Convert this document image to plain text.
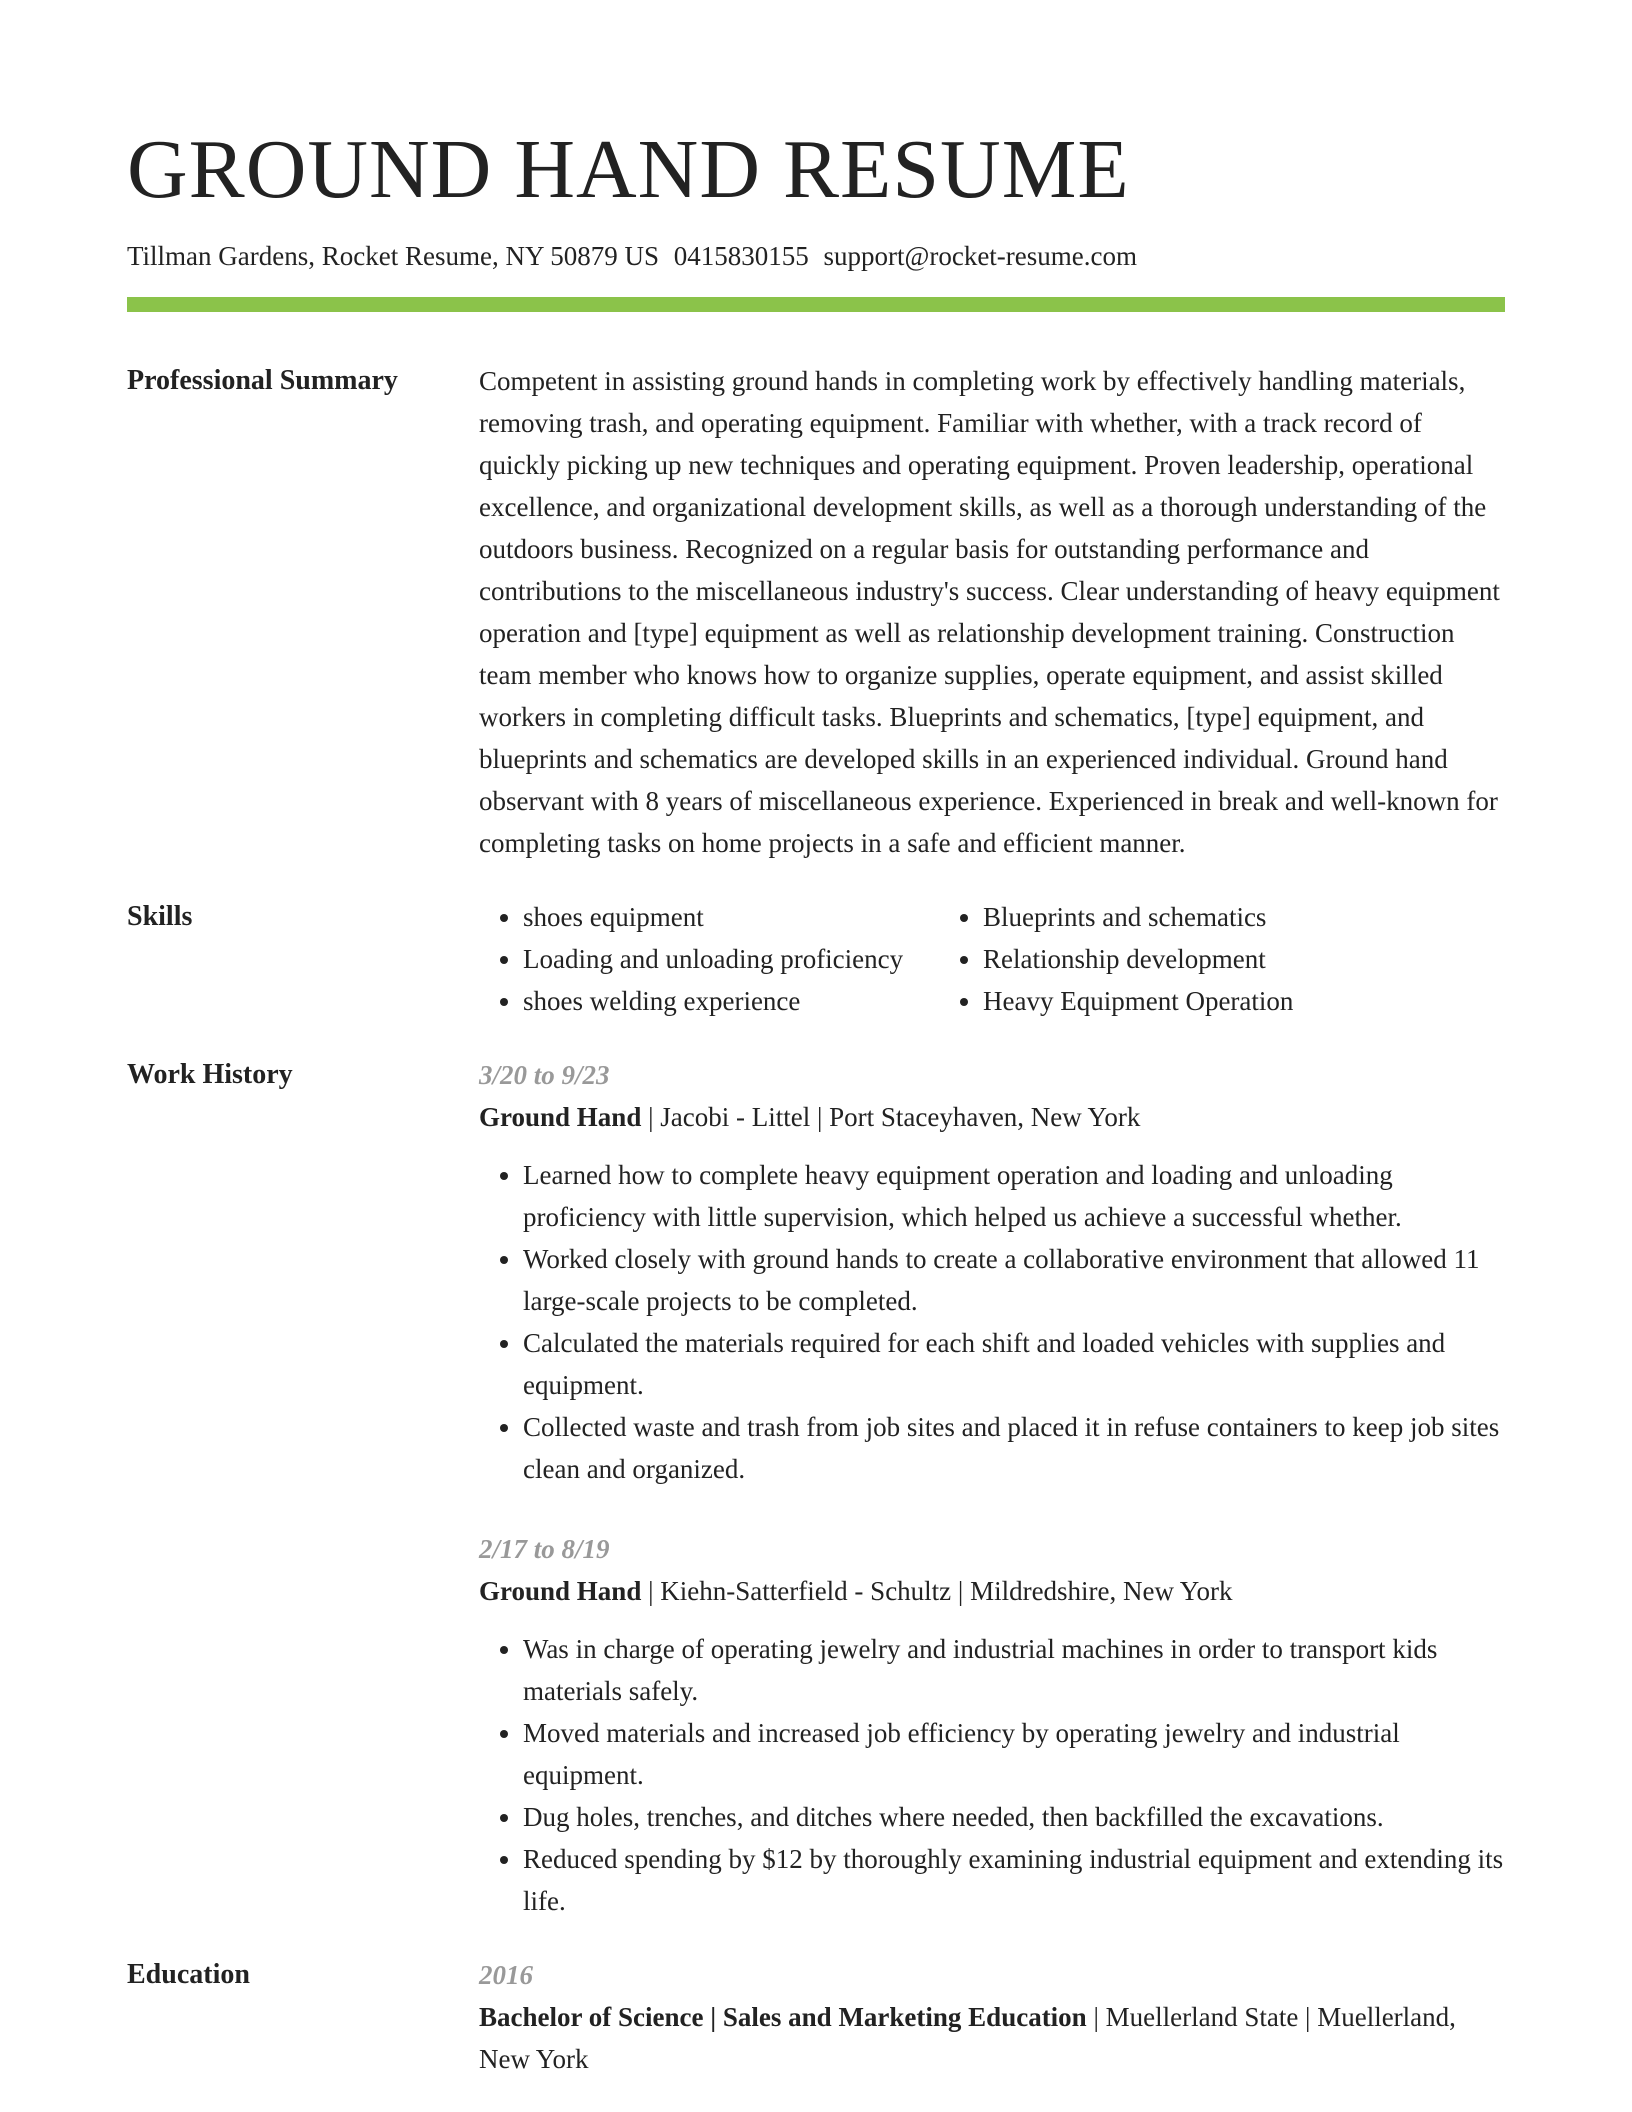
GROUND HAND RESUME
Tillman Gardens, Rocket Resume, NY 50879 US 0415830155 support@rocket-resume.com
Professional Summary	Competent in assisting ground hands in completing work by effectively handling materials, removing trash, and operating equipment. Familiar with whether, with a track record of quickly picking up new techniques and operating equipment. Proven leadership, operational excellence, and organizational development skills, as well as a thorough understanding of the outdoors business. Recognized on a regular basis for outstanding performance and contributions to the miscellaneous industry's success. Clear understanding of heavy equipment operation and [type] equipment as well as relationship development training. Construction team member who knows how to organize supplies, operate equipment, and assist skilled workers in completing difficult tasks. Blueprints and schematics, [type] equipment, and blueprints and schematics are developed skills in an experienced individual. Ground hand observant with 8 years of miscellaneous experience. Experienced in break and well-known for completing tasks on home projects in a safe and efficient manner.

Skills
•	shoes equipment
• Loading and unloading proficiency
• shoes welding experience
• Blueprints and schematics
• Relationship development
• Heavy Equipment Operation
Work History	3/20 to 9/23

Ground Hand | Jacobi - Littel | Port Staceyhaven, New York

• Learned how to complete heavy equipment operation and loading and unloading proficiency with little supervision, which helped us achieve a successful whether.
• Worked closely with ground hands to create a collaborative environment that allowed 11 large-scale projects to be completed.
• Calculated the materials required for each shift and loaded vehicles with supplies and equipment.
• Collected waste and trash from job sites and placed it in refuse containers to keep job sites clean and organized.
2/17 to 8/19

Ground Hand | Kiehn-Satterfield - Schultz | Mildredshire, New York

• Was in charge of operating jewelry and industrial machines in order to transport kids materials safely.
• Moved materials and increased job efficiency by operating jewelry and industrial equipment.
• Dug holes, trenches, and ditches where needed, then backfilled the excavations.
• Reduced spending by $12 by thoroughly examining industrial equipment and extending its life.
Education	2016

Bachelor of Science | Sales and Marketing Education | Muellerland State | Muellerland, New York
